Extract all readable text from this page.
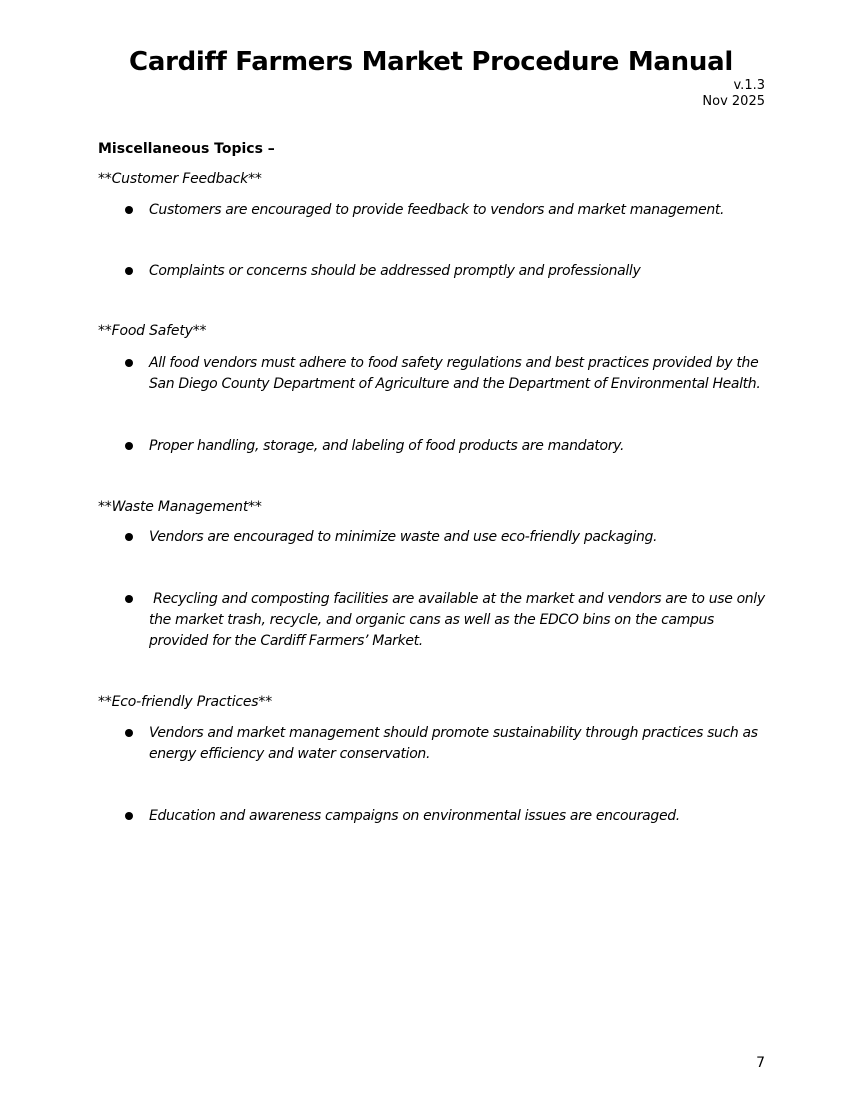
Cardiff Farmers Market Procedure Manual
v.1.3
Nov 2025
Miscellaneous Topics –
**Customer Feedback**
Customers are encouraged to provide feedback to vendors and market management.
Complaints or concerns should be addressed promptly and professionally
**Food Safety**
All food vendors must adhere to food safety regulations and best practices provided by the San Diego County Department of Agriculture and the Department of Environmental Health.
Proper handling, storage, and labeling of food products are mandatory.
**Waste Management**
Vendors are encouraged to minimize waste and use eco-friendly packaging.
Recycling and composting facilities are available at the market and vendors are to use only the market trash, recycle, and organic cans as well as the EDCO bins on the campus provided for the Cardiff Farmers’ Market.
**Eco-friendly Practices**
Vendors and market management should promote sustainability through practices such as energy efficiency and water conservation.
Education and awareness campaigns on environmental issues are encouraged.
7
